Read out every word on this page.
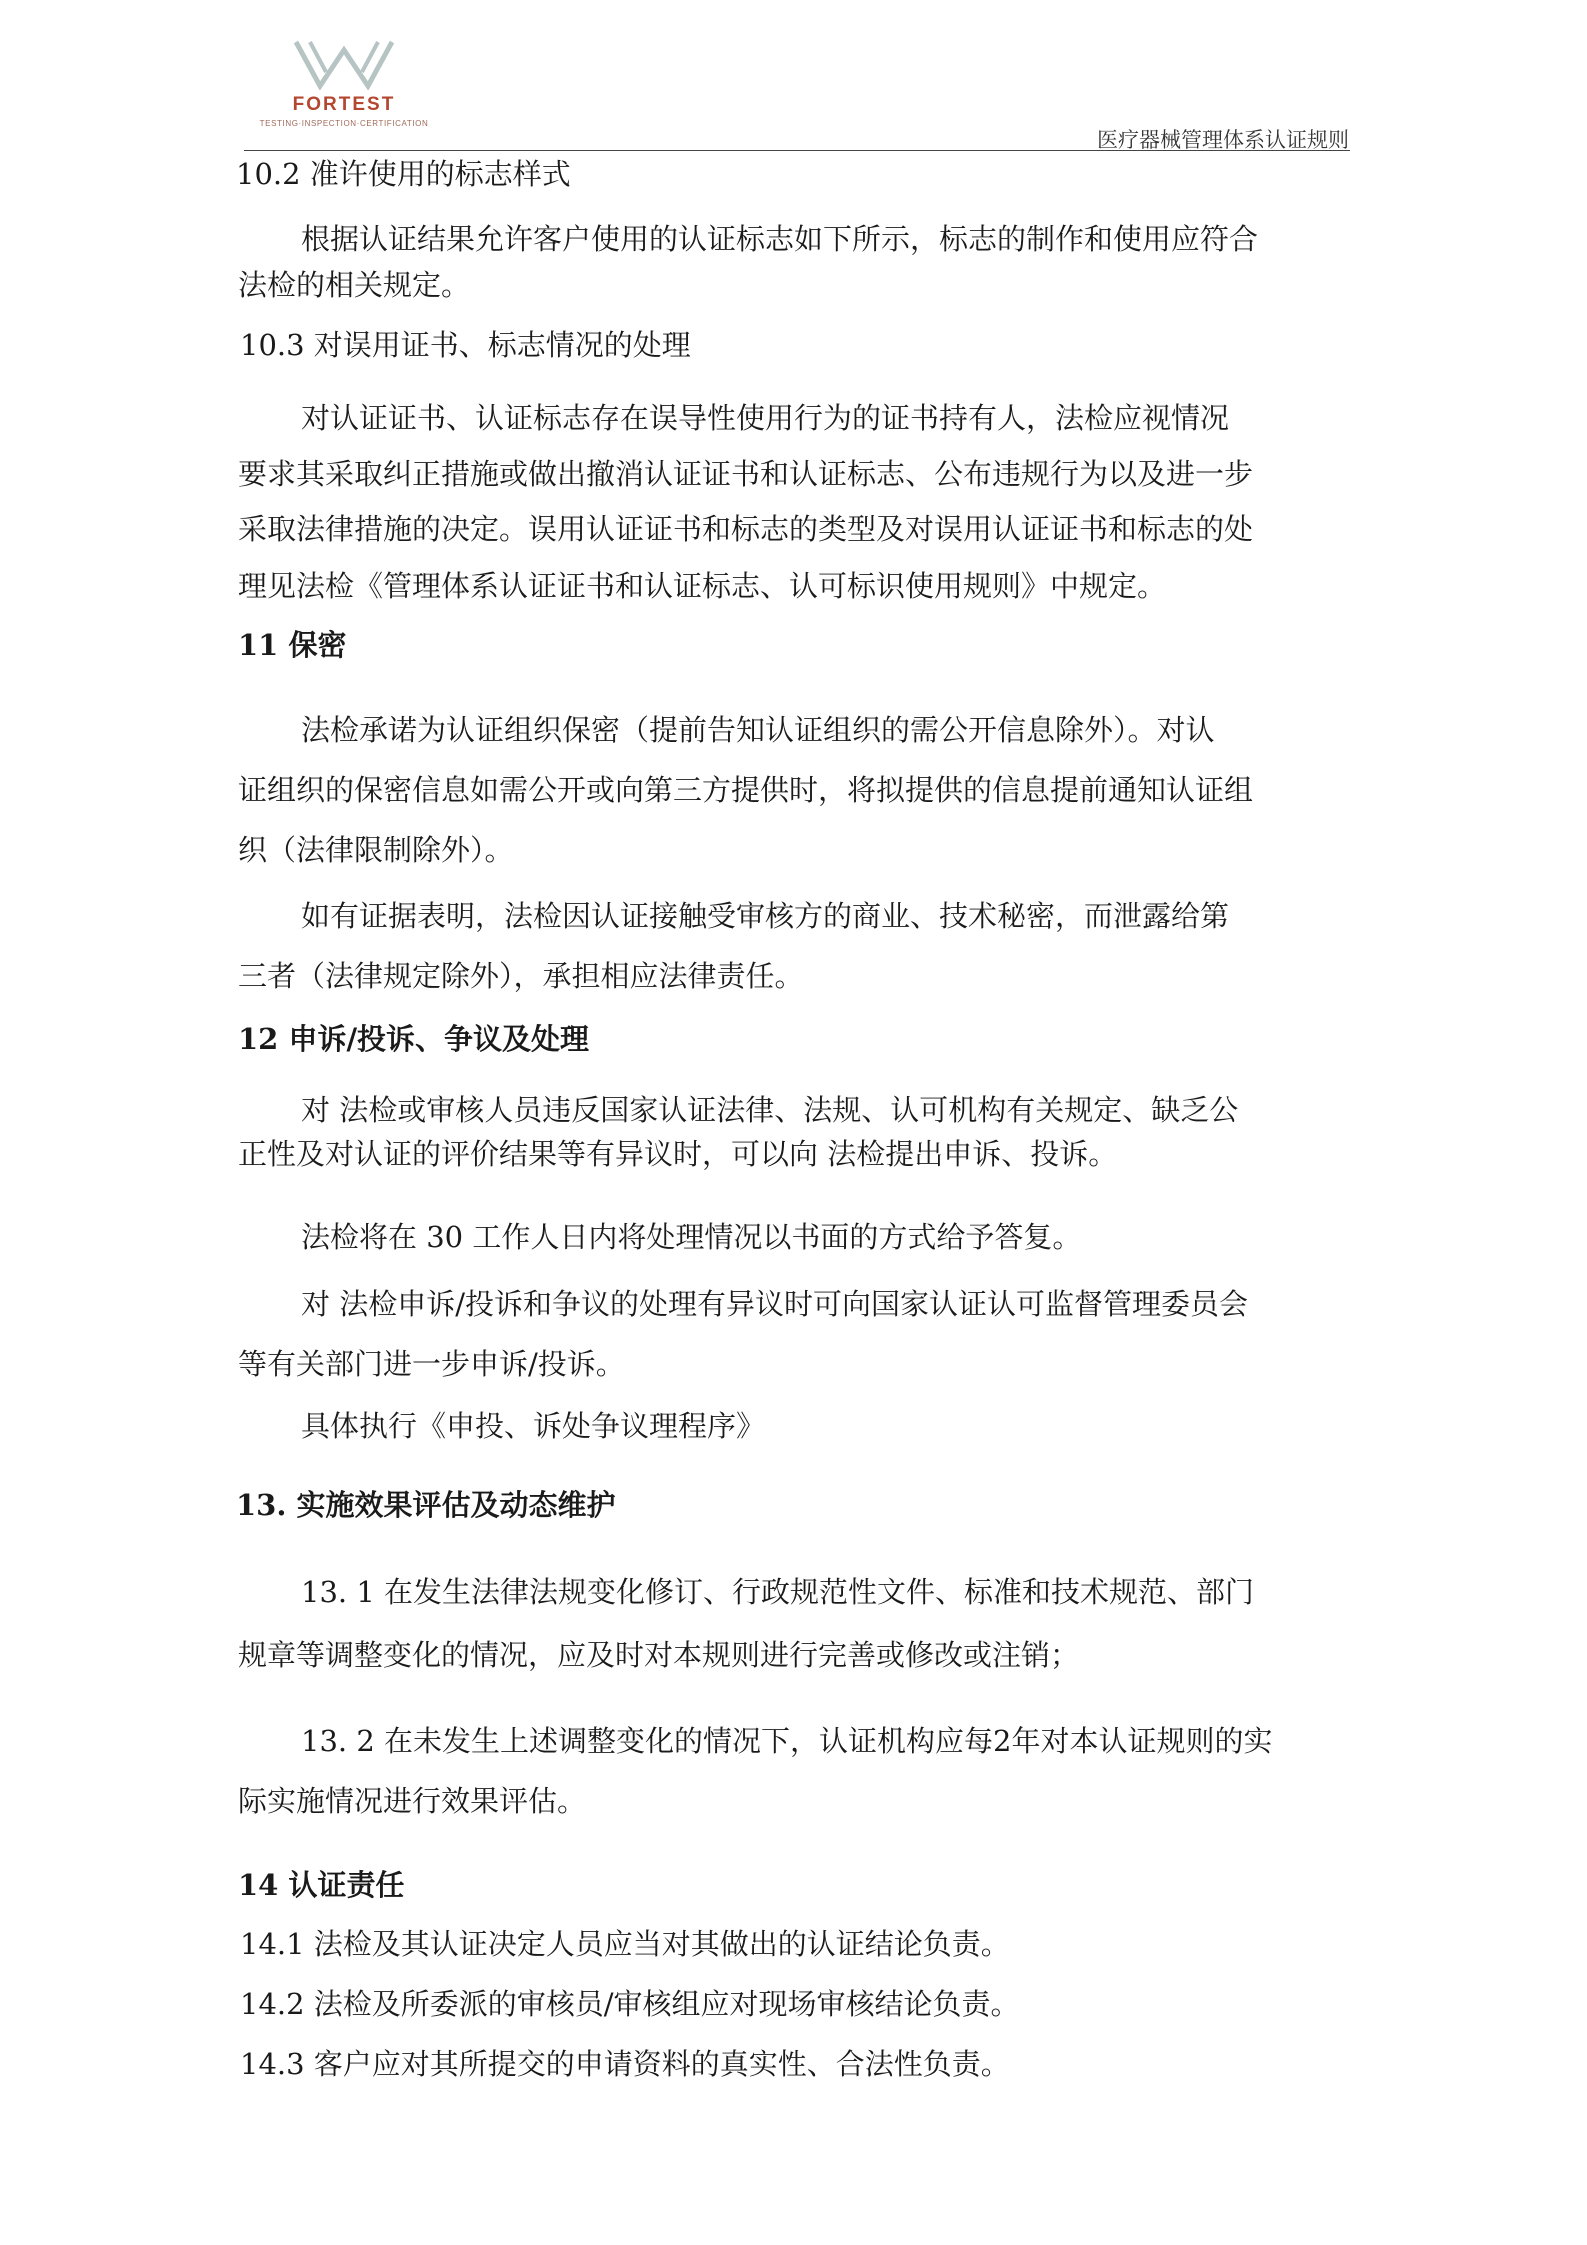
FORTEST
TESTING·INSPECTION·CERTIFICATION
医疗器械管理体系认证规则
10.2 准许使用的标志样式
根据认证结果允许客户使用的认证标志如下所示，标志的制作和使用应符合
法检的相关规定。
10.3 对误用证书、标志情况的处理
对认证证书、认证标志存在误导性使用行为的证书持有人，法检应视情况
要求其采取纠正措施或做出撤消认证证书和认证标志、公布违规行为以及进一步
采取法律措施的决定。误用认证证书和标志的类型及对误用认证证书和标志的处
理见法检《管理体系认证证书和认证标志、认可标识使用规则》中规定。
11 保密
法检承诺为认证组织保密（提前告知认证组织的需公开信息除外）。对认
证组织的保密信息如需公开或向第三方提供时，将拟提供的信息提前通知认证组
织（法律限制除外）。
如有证据表明，法检因认证接触受审核方的商业、技术秘密，而泄露给第
三者（法律规定除外），承担相应法律责任。
12 申诉/投诉、争议及处理
对 法检或审核人员违反国家认证法律、法规、认可机构有关规定、缺乏公
正性及对认证的评价结果等有异议时，可以向 法检提出申诉、投诉。
法检将在 30 工作人日内将处理情况以书面的方式给予答复。
对 法检申诉/投诉和争议的处理有异议时可向国家认证认可监督管理委员会
等有关部门进一步申诉/投诉。
具体执行《申投、诉处争议理程序》
13. 实施效果评估及动态维护
13. 1 在发生法律法规变化修订、行政规范性文件、标准和技术规范、部门
规章等调整变化的情况，应及时对本规则进行完善或修改或注销；
13. 2 在未发生上述调整变化的情况下，认证机构应每2年对本认证规则的实
际实施情况进行效果评估。
14 认证责任
14.1 法检及其认证决定人员应当对其做出的认证结论负责。
14.2 法检及所委派的审核员/审核组应对现场审核结论负责。
14.3 客户应对其所提交的申请资料的真实性、合法性负责。
